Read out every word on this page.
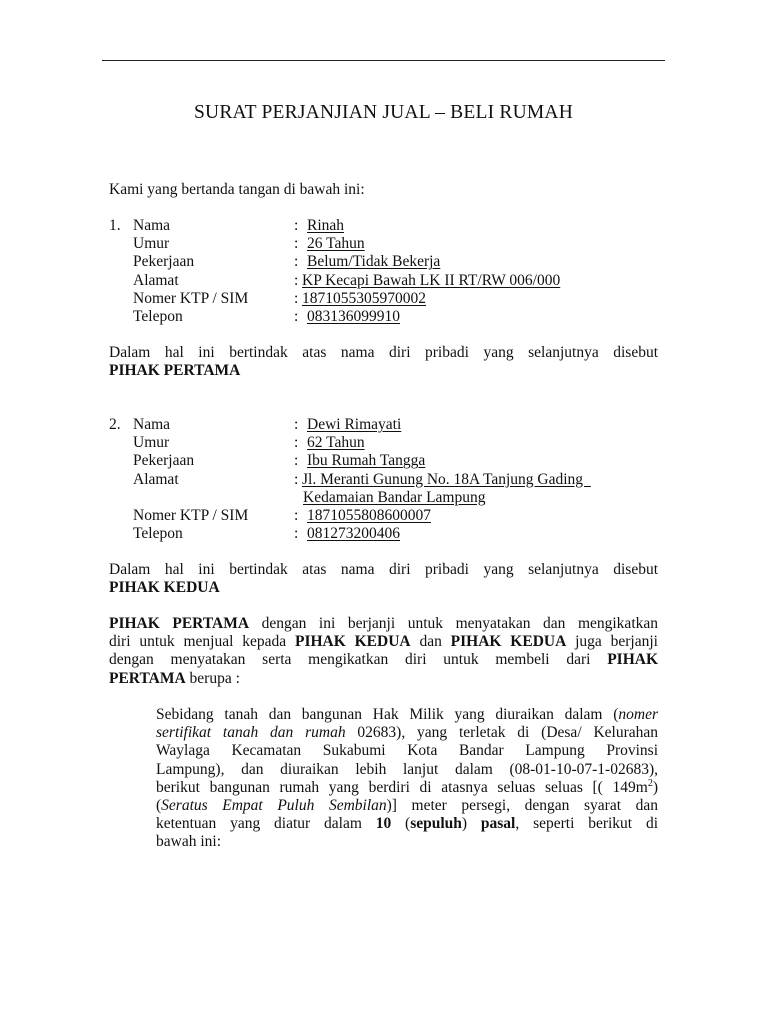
SURAT PERJANJIAN JUAL – BELI RUMAH
Kami yang bertanda tangan di bawah ini:
1. Nama	: Rinah
Umur	: 26 Tahun
Pekerjaan	: Belum/Tidak Bekerja
Alamat	: KP Kecapi Bawah LK II RT/RW 006/000
Nomer KTP / SIM	: 1871055305970002
Telepon	: 083136099910
Dalam hal ini bertindak atas nama diri pribadi yang selanjutnya disebut
PIHAK PERTAMA
2. Nama	: Dewi Rimayati
Umur	: 62 Tahun
Pekerjaan	: Ibu Rumah Tangga
Alamat	: Jl. Meranti Gunung No. 18A Tanjung Gading
Kedamaian Bandar Lampung
Nomer KTP / SIM	: 1871055808600007
Telepon	: 081273200406
Dalam hal ini bertindak atas nama diri pribadi yang selanjutnya disebut
PIHAK KEDUA
PIHAK PERTAMA dengan ini berjanji untuk menyatakan dan mengikatkan
diri untuk menjual kepada PIHAK KEDUA dan PIHAK KEDUA juga berjanji
dengan menyatakan serta mengikatkan diri untuk membeli dari PIHAK
PERTAMA berupa :
Sebidang tanah dan bangunan Hak Milik yang diuraikan dalam (nomer
sertifikat tanah dan rumah 02683), yang terletak di (Desa/ Kelurahan
Waylaga Kecamatan Sukabumi Kota Bandar Lampung Provinsi
Lampung), dan diuraikan lebih lanjut dalam (08-01-10-07-1-02683),
berikut bangunan rumah yang berdiri di atasnya seluas seluas [( $149m^2$)
(Seratus Empat Puluh Sembilan)] meter persegi, dengan syarat dan
ketentuan yang diatur dalam 10 (sepuluh) pasal, seperti berikut di
bawah ini:
